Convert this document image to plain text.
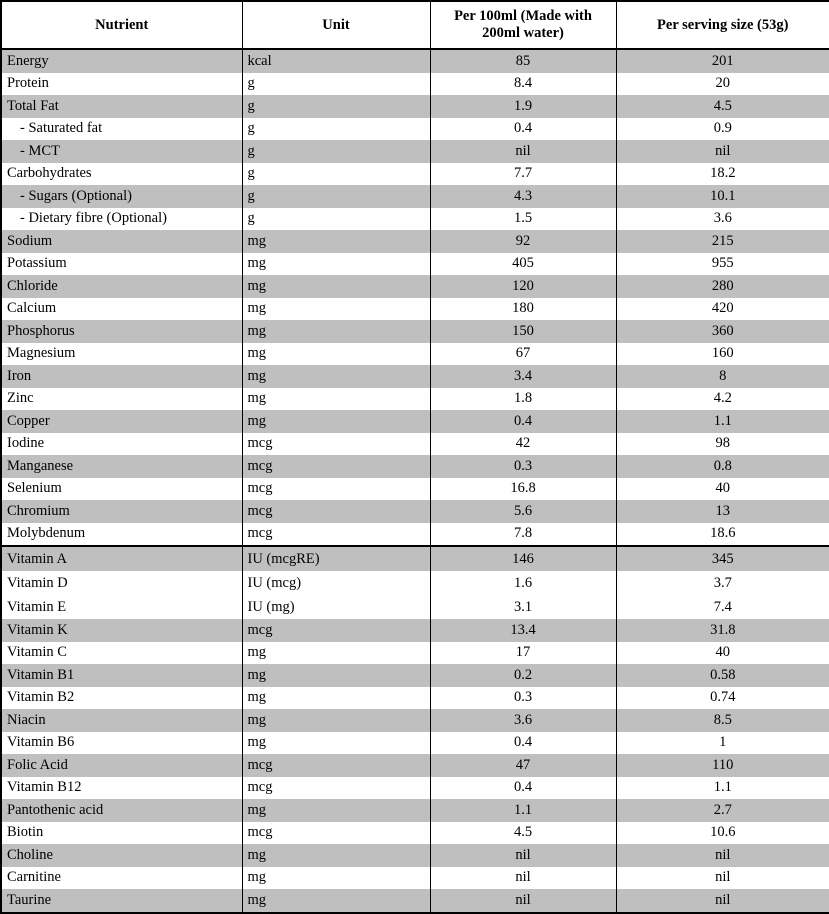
Nutrient	Unit	Per 100ml (Made with 200ml water)	Per serving size (53g)
Energy	kcal	85	201
Protein	g	8.4	20
Total Fat	g	1.9	4.5
- Saturated fat	g	0.4	0.9
- MCT	g	nil	nil
Carbohydrates	g	7.7	18.2
- Sugars (Optional)	g	4.3	10.1
- Dietary fibre (Optional)	g	1.5	3.6
Sodium	mg	92	215
Potassium	mg	405	955
Chloride	mg	120	280
Calcium	mg	180	420
Phosphorus	mg	150	360
Magnesium	mg	67	160
Iron	mg	3.4	8
Zinc	mg	1.8	4.2
Copper	mg	0.4	1.1
Iodine	mcg	42	98
Manganese	mcg	0.3	0.8
Selenium	mcg	16.8	40
Chromium	mcg	5.6	13
Molybdenum	mcg	7.8	18.6
Vitamin A	IU (mcgRE)	146	345
Vitamin D	IU (mcg)	1.6	3.7
Vitamin E	IU (mg)	3.1	7.4
Vitamin K	mcg	13.4	31.8
Vitamin C	mg	17	40
Vitamin B1	mg	0.2	0.58
Vitamin B2	mg	0.3	0.74
Niacin	mg	3.6	8.5
Vitamin B6	mg	0.4	1
Folic Acid	mcg	47	110
Vitamin B12	mcg	0.4	1.1
Pantothenic acid	mg	1.1	2.7
Biotin	mcg	4.5	10.6
Choline	mg	nil	nil
Carnitine	mg	nil	nil
Taurine	mg	nil	nil
